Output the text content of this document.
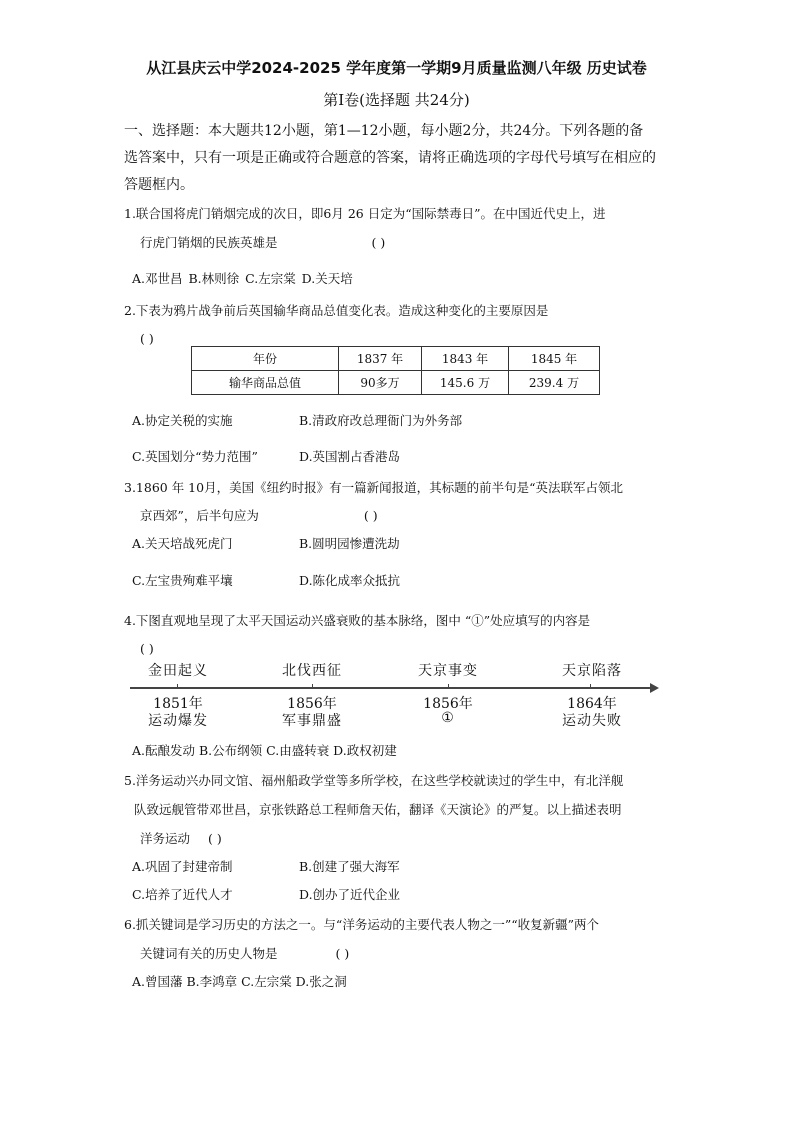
从江县庆云中学2024-2025 学年度第一学期9月质量监测八年级 历史试卷
第Ⅰ卷(选择题 共24分)
一、选择题：本大题共12小题，第1—12小题，每小题2分，共24分。下列各题的备
选答案中，只有一项是正确或符合题意的答案，请将正确选项的字母代号填写在相应的
答题框内。
1.联合国将虎门销烟完成的次日，即6月 26 日定为“国际禁毒日”。在中国近代史上，进
行虎门销烟的民族英雄是	( )
A.邓世昌 B.林则徐 C.左宗棠 D.关天培
2.下表为鸦片战争前后英国输华商品总值变化表。造成这种变化的主要原因是
( )
年份	1837 年	1843 年	1845 年
输华商品总值	90多万	145.6 万	239.4 万
A.协定关税的实施	B.清政府改总理衙门为外务部
C.英国划分“势力范围”	D.英国割占香港岛
3.1860 年 10月，美国《纽约时报》有一篇新闻报道，其标题的前半句是“英法联军占领北
京西郊”，后半句应为	( )
A.关天培战死虎门	B.圆明园惨遭洗劫
C.左宝贵殉难平壤	D.陈化成率众抵抗
4.下图直观地呈现了太平天国运动兴盛衰败的基本脉络，图中 “①”处应填写的内容是
( )
金田起义
1851年
运动爆发
北伐西征
1856年
军事鼎盛
天京事变
1856年
①
天京陷落
1864年
运动失败
A.酝酿发动 B.公布纲领 C.由盛转衰 D.政权初建
5.洋务运动兴办同文馆、福州船政学堂等多所学校，在这些学校就读过的学生中，有北洋舰
队致远舰管带邓世昌，京张铁路总工程师詹天佑，翻译《天演论》的严复。以上描述表明
洋务运动 ( )
A.巩固了封建帝制	B.创建了强大海军
C.培养了近代人才	D.创办了近代企业
6.抓关键词是学习历史的方法之一。与“洋务运动的主要代表人物之一”“收复新疆”两个
关键词有关的历史人物是	( )
A.曾国藩 B.李鸿章 C.左宗棠 D.张之洞
